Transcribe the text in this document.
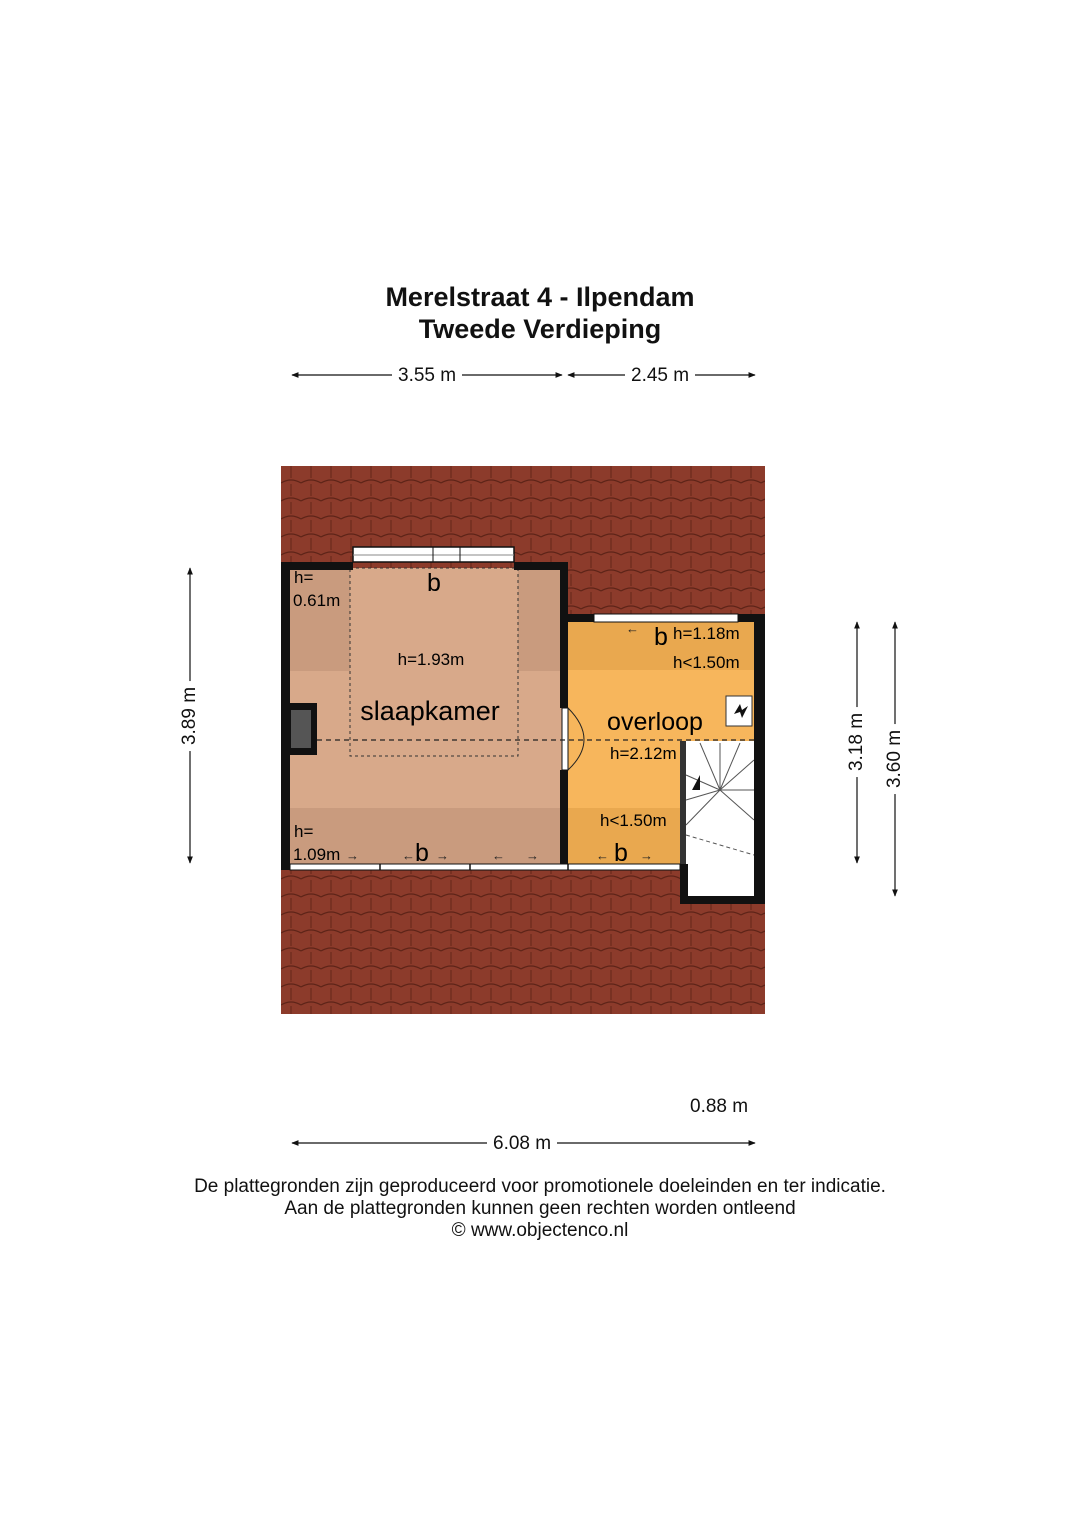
Merelstraat 4 - Ilpendam
Tweede Verdieping
3.55 m	2.45 m
3.89 m	3.18 m 3.60 m
0.88 m
6.08 m
→	← →	← →	← →
←
slaapkamer
h=1.93m
h=
0.61m
h=
1.09m
b
b
overloop
h=2.12m
h=1.18m
h<1.50m
h<1.50m
b
b
De plattegronden zijn geproduceerd voor promotionele doeleinden en ter indicatie.
Aan de plattegronden kunnen geen rechten worden ontleend
© www.objectenco.nl
